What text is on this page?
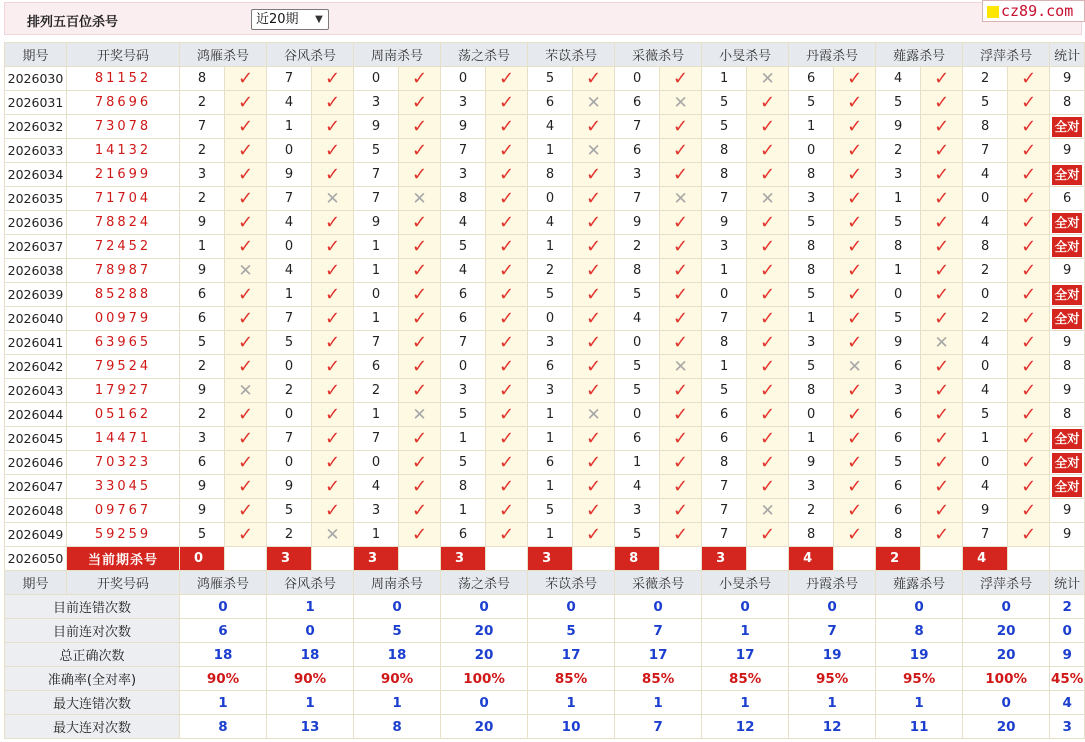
排列五百位杀号	近20期	▼	cz89.com
期号	开奖号码	鸿雁杀号		谷风杀号		周南杀号		荡之杀号		芣苡杀号		采薇杀号		小旻杀号		丹霞杀号		薤露杀号		浮萍杀号		统计
2026030	81152	8	✓	7	✓	0	✓	0	✓	5	✓	0	✓	1	✕	6	✓	4	✓	2	✓	9
2026031	78696	2	✓	4	✓	3	✓	3	✓	6	✕	6	✕	5	✓	5	✓	5	✓	5	✓	8
2026032	73078	7	✓	1	✓	9	✓	9	✓	4	✓	7	✓	5	✓	1	✓	9	✓	8	✓	全对
2026033	14132	2	✓	0	✓	5	✓	7	✓	1	✕	6	✓	8	✓	0	✓	2	✓	7	✓	9
2026034	21699	3	✓	9	✓	7	✓	3	✓	8	✓	3	✓	8	✓	8	✓	3	✓	4	✓	全对
2026035	71704	2	✓	7	✕	7	✕	8	✓	0	✓	7	✕	7	✕	3	✓	1	✓	0	✓	6
2026036	78824	9	✓	4	✓	9	✓	4	✓	4	✓	9	✓	9	✓	5	✓	5	✓	4	✓	全对
2026037	72452	1	✓	0	✓	1	✓	5	✓	1	✓	2	✓	3	✓	8	✓	8	✓	8	✓	全对
2026038	78987	9	✕	4	✓	1	✓	4	✓	2	✓	8	✓	1	✓	8	✓	1	✓	2	✓	9
2026039	85288	6	✓	1	✓	0	✓	6	✓	5	✓	5	✓	0	✓	5	✓	0	✓	0	✓	全对
2026040	00979	6	✓	7	✓	1	✓	6	✓	0	✓	4	✓	7	✓	1	✓	5	✓	2	✓	全对
2026041	63965	5	✓	5	✓	7	✓	7	✓	3	✓	0	✓	8	✓	3	✓	9	✕	4	✓	9
2026042	79524	2	✓	0	✓	6	✓	0	✓	6	✓	5	✕	1	✓	5	✕	6	✓	0	✓	8
2026043	17927	9	✕	2	✓	2	✓	3	✓	3	✓	5	✓	5	✓	8	✓	3	✓	4	✓	9
2026044	05162	2	✓	0	✓	1	✕	5	✓	1	✕	0	✓	6	✓	0	✓	6	✓	5	✓	8
2026045	14471	3	✓	7	✓	7	✓	1	✓	1	✓	6	✓	6	✓	1	✓	6	✓	1	✓	全对
2026046	70323	6	✓	0	✓	0	✓	5	✓	6	✓	1	✓	8	✓	9	✓	5	✓	0	✓	全对
2026047	33045	9	✓	9	✓	4	✓	8	✓	1	✓	4	✓	7	✓	3	✓	6	✓	4	✓	全对
2026048	09767	9	✓	5	✓	3	✓	1	✓	5	✓	3	✓	7	✕	2	✓	6	✓	9	✓	9
2026049	59259	5	✓	2	✕	1	✓	6	✓	1	✓	5	✓	7	✓	8	✓	8	✓	7	✓	9
2026050	当前期杀号	0		3		3		3		3		8		3		4		2		4		
期号	开奖号码	鸿雁杀号		谷风杀号		周南杀号		荡之杀号		芣苡杀号		采薇杀号		小旻杀号		丹霞杀号		薤露杀号		浮萍杀号		统计
目前连错次数		0		1		0		0		0		0		0		0		0		0		2
目前连对次数		6		0		5		20		5		7		1		7		8		20		0
总正确次数		18		18		18		20		17		17		17		19		19		20		9
准确率(全对率)		90%		90%		90%		100%		85%		85%		85%		95%		95%		100%		45%
最大连错次数		1		1		1		0		1		1		1		1		1		0		4
最大连对次数		8		13		8		20		10		7		12		12		11		20		3
